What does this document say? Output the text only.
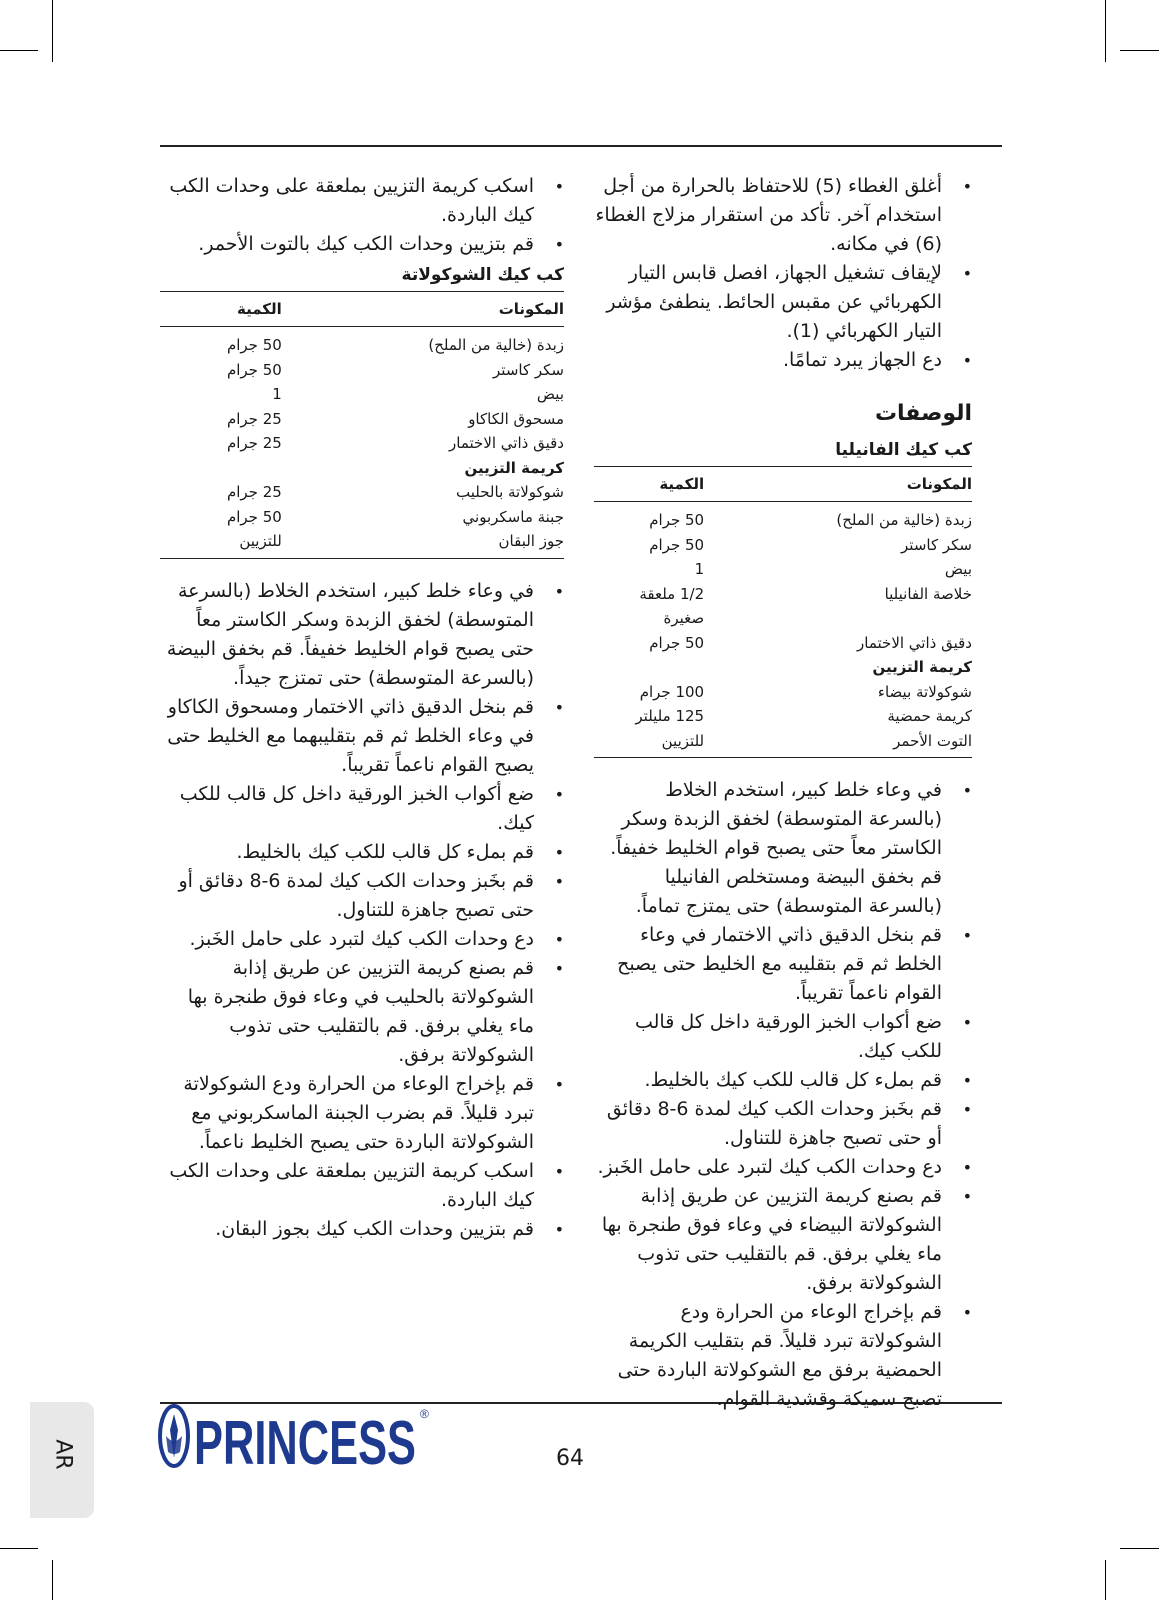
• أغلق الغطاء (5) للاحتفاظ بالحرارة من أجل استخدام آخر. تأكد من استقرار مزلاج الغطاء (6) في مكانه.
• لإيقاف تشغيل الجهاز، افصل قابس التيار الكهربائي عن مقبس الحائط. ينطفئ مؤشر التيار الكهربائي (1).
• دع الجهاز يبرد تمامًا.
الوصفات
كب كيك الفانيليا
المكونات	الكمية
زبدة (خالية من الملح)	50 جرام
سكر كاستر	50 جرام
بيض	1
خلاصة الفانيليا	1/2 ملعقة صغيرة
دقيق ذاتي الاختمار	50 جرام
كريمة التزيين	
شوكولاتة بيضاء	100 جرام
كريمة حمضية	125 مليلتر
التوت الأحمر	للتزيين
• في وعاء خلط كبير، استخدم الخلاط (بالسرعة المتوسطة) لخفق الزبدة وسكر الكاستر معاً حتى يصبح قوام الخليط خفيفاً. قم بخفق البيضة ومستخلص الفانيليا (بالسرعة المتوسطة) حتى يمتزج تماماً.
• قم بنخل الدقيق ذاتي الاختمار في وعاء الخلط ثم قم بتقليبه مع الخليط حتى يصبح القوام ناعماً تقريباً.
• ضع أكواب الخبز الورقية داخل كل قالب للكب كيك.
• قم بملء كل قالب للكب كيك بالخليط.
• قم بخَبز وحدات الكب كيك لمدة 6-8 دقائق أو حتى تصبح جاهزة للتناول.
• دع وحدات الكب كيك لتبرد على حامل الخَبز.
• قم بصنع كريمة التزيين عن طريق إذابة الشوكولاتة البيضاء في وعاء فوق طنجرة بها ماء يغلي برفق. قم بالتقليب حتى تذوب الشوكولاتة برفق.
• قم بإخراج الوعاء من الحرارة ودع الشوكولاتة تبرد قليلاً. قم بتقليب الكريمة الحمضية برفق مع الشوكولاتة الباردة حتى تصبح سميكة وقشدية القوام.
• اسكب كريمة التزيين بملعقة على وحدات الكب كيك الباردة.
• قم بتزيين وحدات الكب كيك بالتوت الأحمر.
كب كيك الشوكولاتة
المكونات	الكمية
زبدة (خالية من الملح)	50 جرام
سكر كاستر	50 جرام
بيض	1
مسحوق الكاكاو	25 جرام
دقيق ذاتي الاختمار	25 جرام
كريمة التزيين	
شوكولاتة بالحليب	25 جرام
جبنة ماسكربوني	50 جرام
جوز البقان	للتزيين
• في وعاء خلط كبير، استخدم الخلاط (بالسرعة المتوسطة) لخفق الزبدة وسكر الكاستر معاً حتى يصبح قوام الخليط خفيفاً. قم بخفق البيضة (بالسرعة المتوسطة) حتى تمتزج جيداً.
• قم بنخل الدقيق ذاتي الاختمار ومسحوق الكاكاو في وعاء الخلط ثم قم بتقليبهما مع الخليط حتى يصبح القوام ناعماً تقريباً.
• ضع أكواب الخبز الورقية داخل كل قالب للكب كيك.
• قم بملء كل قالب للكب كيك بالخليط.
• قم بخَبز وحدات الكب كيك لمدة 6-8 دقائق أو حتى تصبح جاهزة للتناول.
• دع وحدات الكب كيك لتبرد على حامل الخَبز.
• قم بصنع كريمة التزيين عن طريق إذابة الشوكولاتة بالحليب في وعاء فوق طنجرة بها ماء يغلي برفق. قم بالتقليب حتى تذوب الشوكولاتة برفق.
• قم بإخراج الوعاء من الحرارة ودع الشوكولاتة تبرد قليلاً. قم بضرب الجبنة الماسكربوني مع الشوكولاتة الباردة حتى يصبح الخليط ناعماً.
• اسكب كريمة التزيين بملعقة على وحدات الكب كيك الباردة.
• قم بتزيين وحدات الكب كيك بجوز البقان.
AR PRINCESS ®
64
